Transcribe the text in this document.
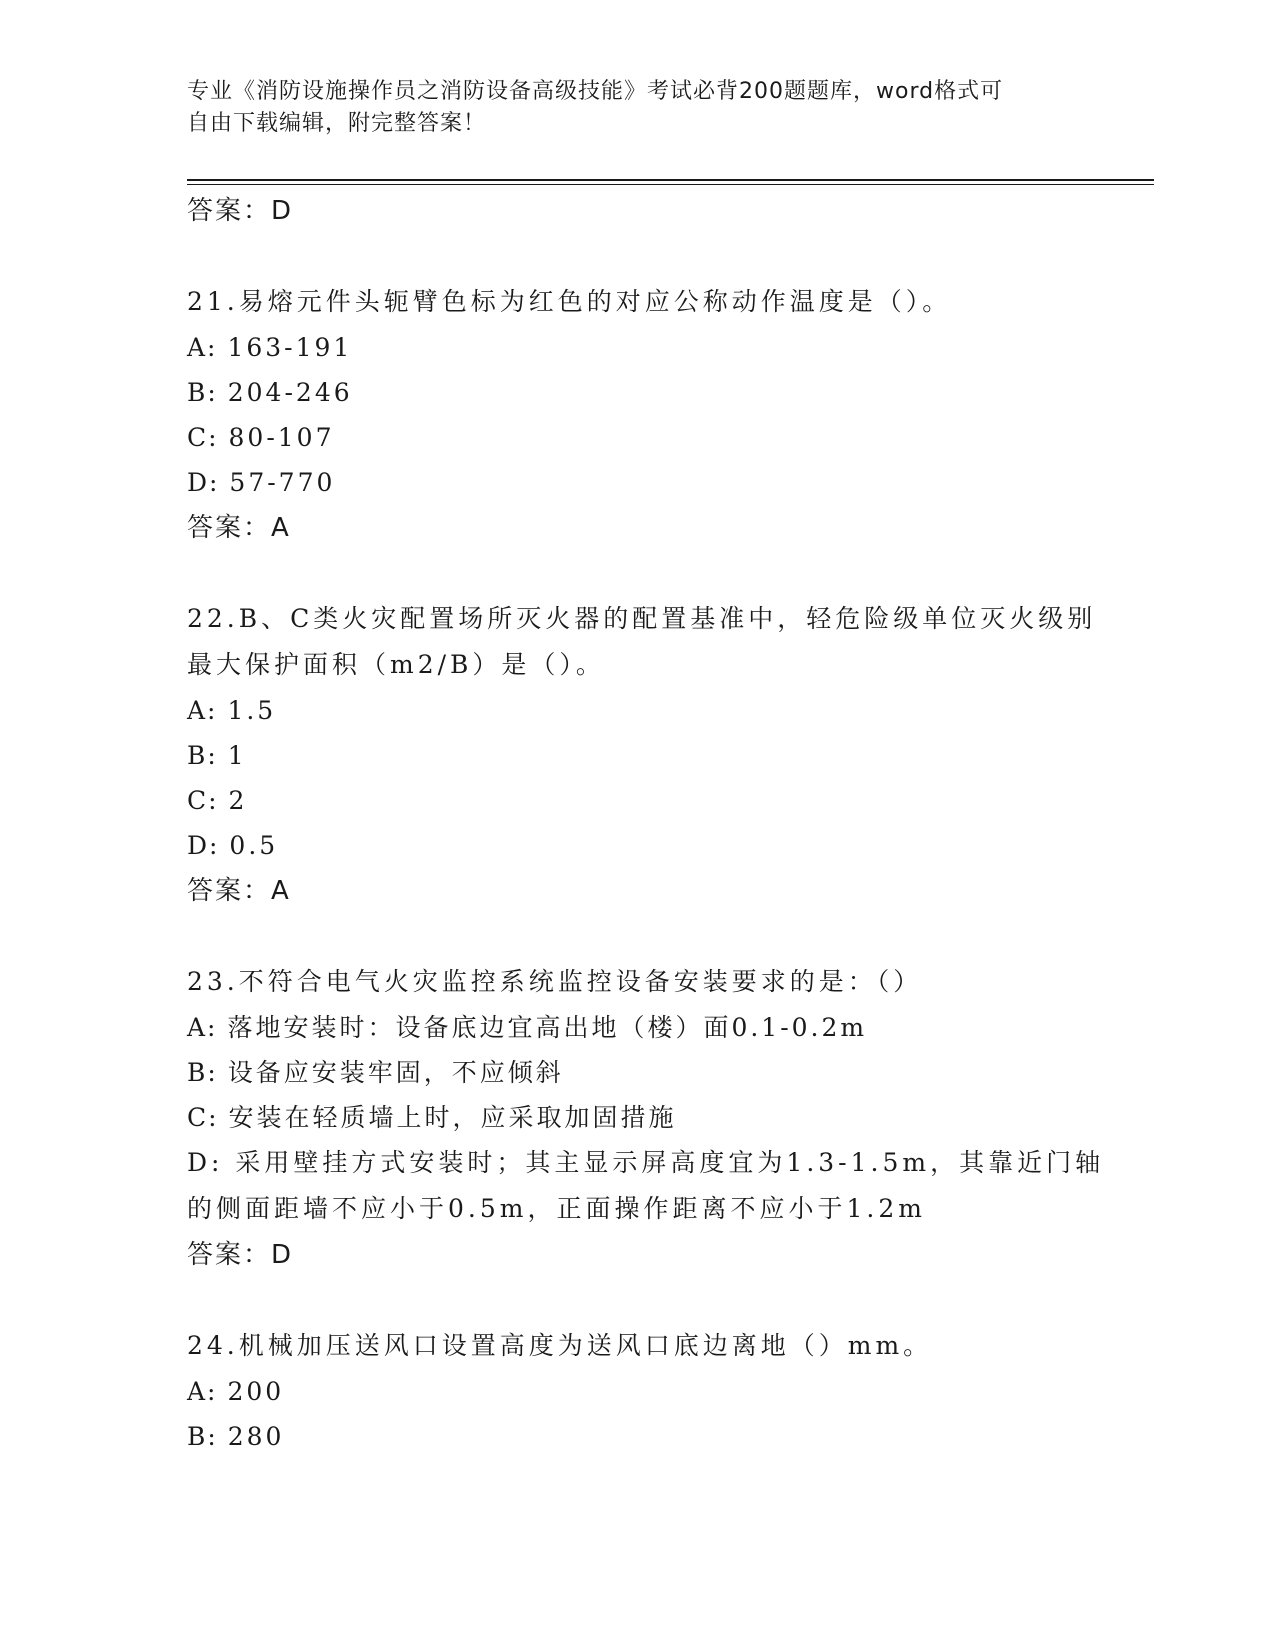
专业《消防设施操作员之消防设备高级技能》考试必背200题题库，word格式可
自由下载编辑，附完整答案！
答案：D
21.易熔元件头轭臂色标为红色的对应公称动作温度是（）。
A: 163-191
B: 204-246
C: 80-107
D: 57-770
答案：A
22.B、C类火灾配置场所灭火器的配置基准中，轻危险级单位灭火级别
最大保护面积（m2/B）是（）。
A: 1.5
B: 1
C: 2
D: 0.5
答案：A
23.不符合电气火灾监控系统监控设备安装要求的是：（）
A: 落地安装时：设备底边宜高出地（楼）面0.1-0.2m
B: 设备应安装牢固，不应倾斜
C: 安装在轻质墙上时，应采取加固措施
D: 采用壁挂方式安装时；其主显示屏高度宜为1.3-1.5m，其靠近门轴
的侧面距墙不应小于0.5m，正面操作距离不应小于1.2m
答案：D
24.机械加压送风口设置高度为送风口底边离地（）mm。
A: 200
B: 280
